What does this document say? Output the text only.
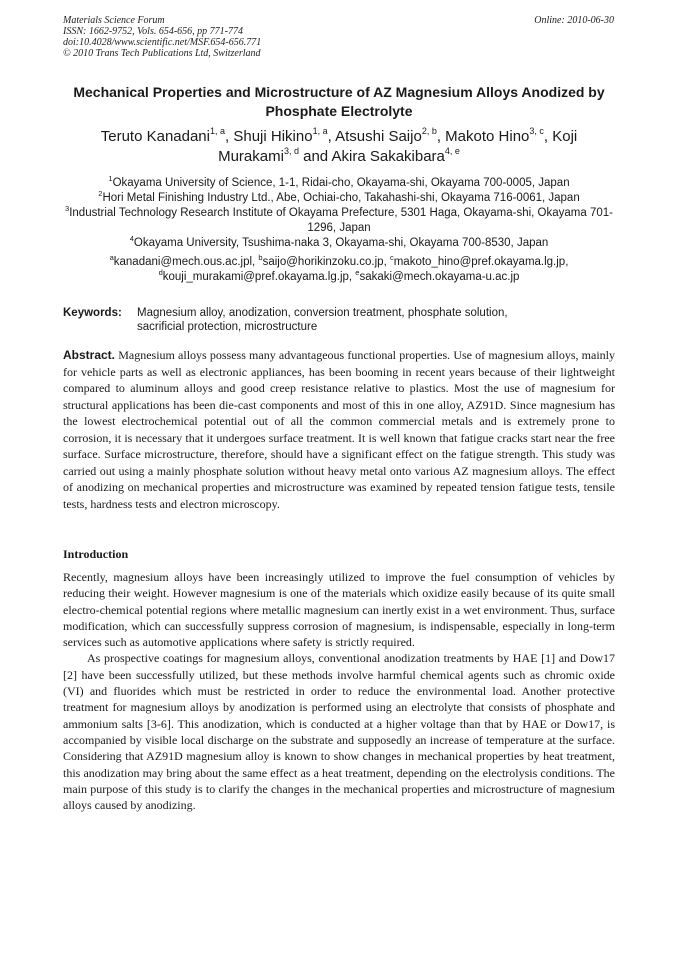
Materials Science Forum
ISSN: 1662-9752, Vols. 654-656, pp 771-774
doi:10.4028/www.scientific.net/MSF.654-656.771
© 2010 Trans Tech Publications Ltd, Switzerland
Online: 2010-06-30
Mechanical Properties and Microstructure of AZ Magnesium Alloys Anodized by Phosphate Electrolyte
Teruto Kanadani$^{1, a}$, Shuji Hikino$^{1, a}$, Atsushi Saijo$^{2, b}$, Makoto Hino$^{3, c}$, Koji Murakami$^{3, d}$ and Akira Sakakibara$^{4, e}$
$^1$Okayama University of Science, 1-1, Ridai-cho, Okayama-shi, Okayama 700-0005, Japan
$^2$Hori Metal Finishing Industry Ltd., Abe, Ochiai-cho, Takahashi-shi, Okayama 716-0061, Japan
$^3$Industrial Technology Research Institute of Okayama Prefecture, 5301 Haga, Okayama-shi, Okayama 701-1296, Japan
$^4$Okayama University, Tsushima-naka 3, Okayama-shi, Okayama 700-8530, Japan
$^a$kanadani@mech.ous.ac.jpl, $^b$saijo@horikinzoku.co.jp, $^c$makoto_hino@pref.okayama.lg.jp,
$^d$kouji_murakami@pref.okayama.lg.jp, $^e$sakaki@mech.okayama-u.ac.jp
Keywords: Magnesium alloy, anodization, conversion treatment, phosphate solution, sacrificial protection, microstructure
Abstract. Magnesium alloys possess many advantageous functional properties. Use of magnesium alloys, mainly for vehicle parts as well as electronic appliances, has been booming in recent years because of their lightweight compared to aluminum alloys and good creep resistance relative to plastics. Most the use of magnesium for structural applications has been die-cast components and most of this in one alloy, AZ91D. Since magnesium has the lowest electrochemical potential out of all the common commercial metals and is extremely prone to corrosion, it is necessary that it undergoes surface treatment. It is well known that fatigue cracks start near the free surface. Surface microstructure, therefore, should have a significant effect on the fatigue strength. This study was carried out using a mainly phosphate solution without heavy metal onto various AZ magnesium alloys. The effect of anodizing on mechanical properties and microstructure was examined by repeated tension fatigue tests, tensile tests, hardness tests and electron microscopy.
Introduction

Recently, magnesium alloys have been increasingly utilized to improve the fuel consumption of vehicles by reducing their weight. However magnesium is one of the materials which oxidize easily because of its quite small electro-chemical potential regions where metallic magnesium can inertly exist in a wet environment. Thus, surface modification, which can successfully suppress corrosion of magnesium, is indispensable, especially in long-term services such as automotive applications where safety is strictly required.

As prospective coatings for magnesium alloys, conventional anodization treatments by HAE [1] and Dow17 [2] have been successfully utilized, but these methods involve harmful chemical agents such as chromic oxide (VI) and fluorides which must be restricted in order to reduce the environmental load. Another protective treatment for magnesium alloys by anodization is performed using an electrolyte that consists of phosphate and ammonium salts [3-6]. This anodization, which is conducted at a higher voltage than that by HAE or Dow17, is accompanied by visible local discharge on the substrate and supposedly an increase of temperature at the surface. Considering that AZ91D magnesium alloy is known to show changes in mechanical properties by heat treatment, this anodization may bring about the same effect as a heat treatment, depending on the electrolysis conditions. The main purpose of this study is to clarify the changes in the mechanical properties and microstructure of magnesium alloys caused by anodizing.
